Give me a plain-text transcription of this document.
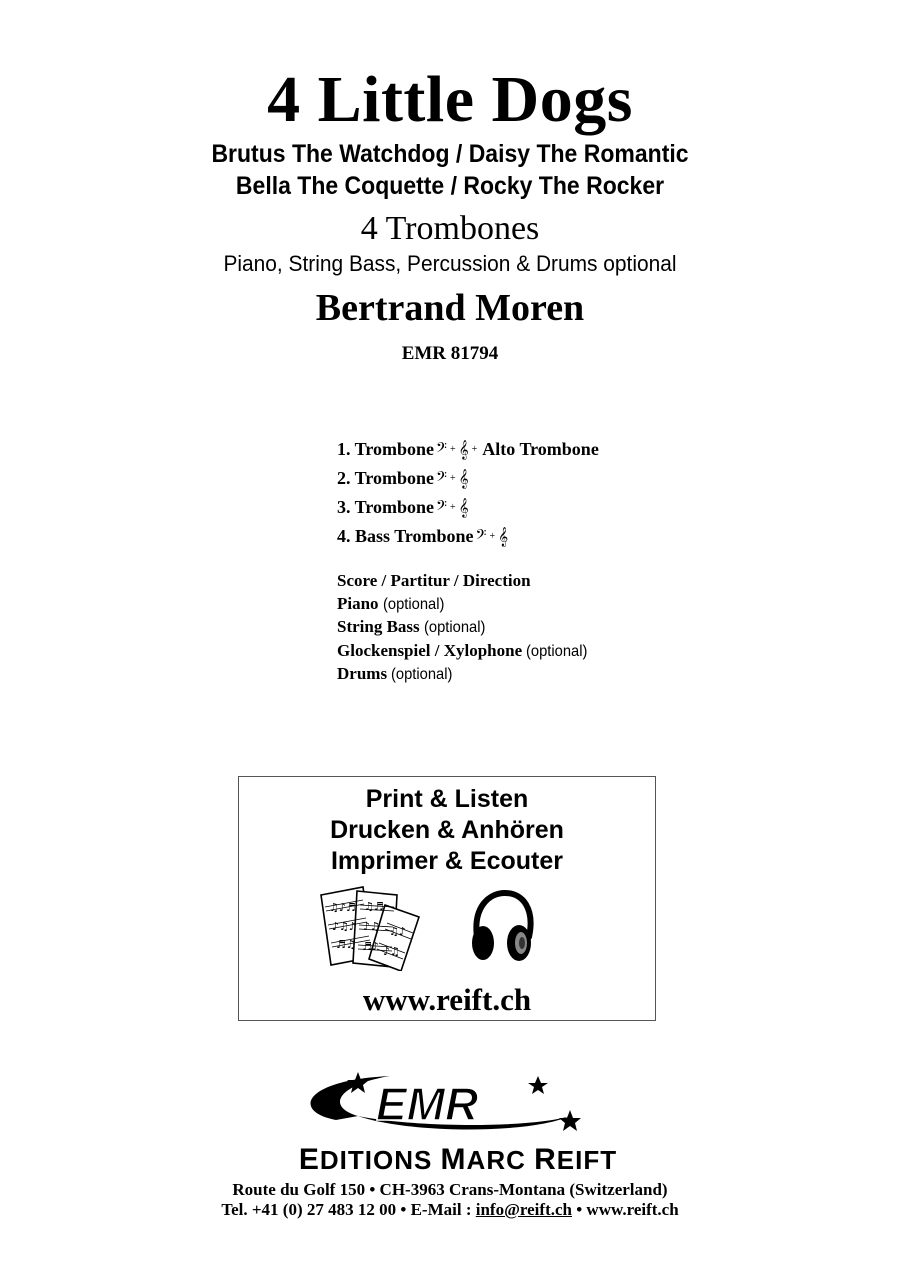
4 Little Dogs
Brutus The Watchdog / Daisy The Romantic
Bella The Coquette / Rocky The Rocker
4 Trombones
Piano, String Bass, Percussion & Drums optional
Bertrand Moren
EMR 81794
1. Trombone 𝄢 + 𝄞 + Alto Trombone
2. Trombone 𝄢 + 𝄞
3. Trombone 𝄢 + 𝄞
4. Bass Trombone 𝄢 + 𝄞
Score / Partitur / Direction
Piano (optional)
String Bass (optional)
Glockenspiel / Xylophone (optional)
Drums (optional)
Print & Listen
Drucken & Anhören
Imprimer & Ecouter
♫♪♬
♪♫♪
♬♫
♫♬
♪♫
♬♪
♫♪
♪♫
www.reift.ch
EMR
EDITIONS MARC REIFT
Route du Golf 150 • CH-3963 Crans-Montana (Switzerland)
Tel. +41 (0) 27 483 12 00 • E-Mail : info@reift.ch • www.reift.ch
